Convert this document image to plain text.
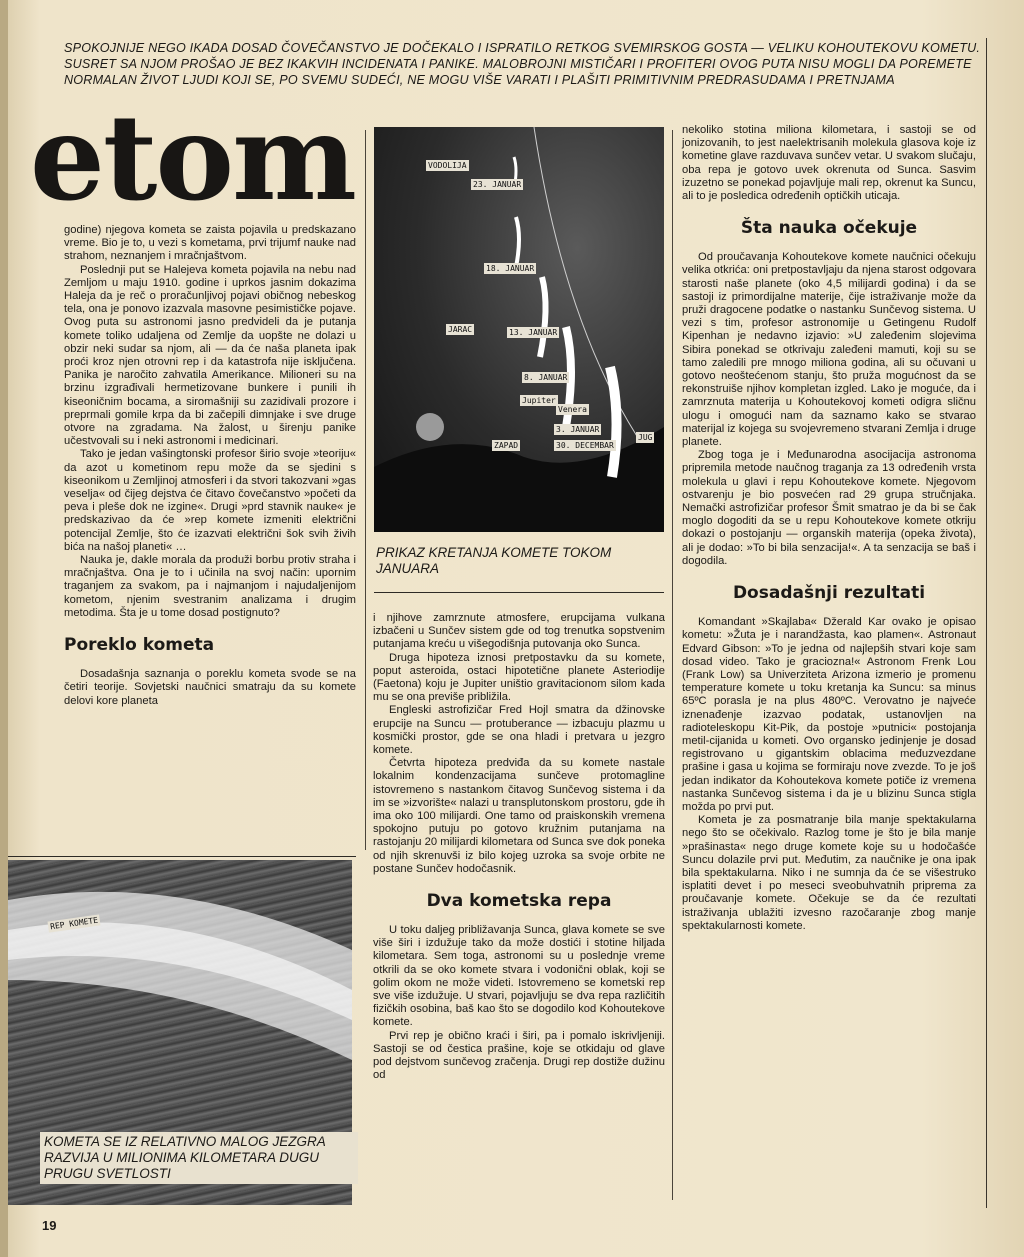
SPOKOJNIJE NEGO IKADA DOSAD ČOVEČANSTVO JE DOČEKALO I ISPRATILO RETKOG SVEMIRSKOG GOSTA — VELIKU KOHOUTEKOVU KOMETU. SUSRET SA NJOM PROŠAO JE BEZ IKAKVIH INCIDENATA I PANIKE. MALOBROJNI MISTIČARI I PROFITERI OVOG PUTA NISU MOGLI DA POREMETE NORMALAN ŽIVOT LJUDI KOJI SE, PO SVEMU SUDEĆI, NE MOGU VIŠE VARATI I PLAŠITI PRIMITIVNIM PREDRASUDAMA I PRETNJAMA
etom

godine) njegova kometa se zaista pojavila u predskazano vreme. Bio je to, u vezi s kometama, prvi trijumf nauke nad strahom, neznanjem i mračnjaštvom.

Poslednji put se Halejeva kometa pojavila na nebu nad Zemljom u maju 1910. godine i uprkos jasnim dokazima Haleja da je reč o proračunljivoj pojavi običnog nebeskog tela, ona je ponovo izazvala masovne pesimističke pojave. Ovog puta su astronomi jasno predvideli da je putanja komete toliko udaljena od Zemlje da uopšte ne dolazi u obzir neki sudar sa njom, ali — da će naša planeta ipak proći kroz njen otrovni rep i da katastrofa nije isključena. Panika je naročito zahvatila Amerikance. Milioneri su na brzinu izgrađivali hermetizovane bunkere i punili ih kiseoničnim bocama, a siromašniji su zazidivali prozore i preprmali gomile krpa da bi začepili dimnjake i sve druge otvore na zgradama. Na žalost, u širenju panike učestvovali su i neki astronomi i medicinari.

Tako je jedan vašingtonski profesor širio svoje »teoriju« da azot u kometinom repu može da se sjedini s kiseonikom u Zemljinoj atmosferi i da stvori takozvani »gas veselja« od čijeg dejstva će čitavo čovečanstvo »početi da peva i pleše dok ne izgine«. Drugi »prd stavnik nauke« je predskazivao da će »rep komete izmeniti električni potencijal Zemlje, što će izazvati električni šok svih živih bića na našoj planeti« …

Nauka je, dakle morala da produži borbu protiv straha i mračnjaštva. Ona je to i učinila na svoj način: upornim traganjem za svakom, pa i najmanjom i najudaljenijom kometom, njenim svestranim analizama i drugim metodima. Šta je u tome dosad postignuto?

Poreklo kometa

Dosadašnja saznanja o poreklu kometa svode se na četiri teorije. Sovjetski naučnici smatraju da su komete delovi kore planeta

REP KOMETE
KOMETA SE IZ RELATIVNO MALOG JEZGRA RAZVIJA U MILIONIMA KILOMETARA DUGU PRUGU SVETLOSTI
19
VODOLIJA
23. JANUAR
18. JANUAR
JARAC	13. JANUAR
8. JANUAR
Jupiter
Venera
3. JANUAR
ZAPAD	30. DECEMBAR
JUG
PRIKAZ KRETANJA KOMETE TOKOM JANUARA

i njihove zamrznute atmosfere, erupcijama vulkana izbačeni u Sunčev sistem gde od tog trenutka sopstvenim putanjama kreću u višegodišnja putovanja oko Sunca.

Druga hipoteza iznosi pretpostavku da su komete, poput asteroida, ostaci hipotetične planete Asteriodije (Faetona) koju je Jupiter uništio gravitacionom silom kada mu se ona previše približila.

Engleski astrofizičar Fred Hojl smatra da džinovske erupcije na Suncu — protuberance — izbacuju plazmu u kosmički prostor, gde se ona hladi i pretvara u jezgro komete.

Četvrta hipoteza predviđa da su komete nastale lokalnim kondenzacijama sunčeve protomagline istovremeno s nastankom čitavog Sunčevog sistema i da im se »izvorište« nalazi u transplutonskom prostoru, gde ih ima oko 100 milijardi. One tamo od praiskonskih vremena spokojno putuju po gotovo kružnim putanjama na rastojanju 20 milijardi kilometara od Sunca sve dok poneka od njih skrenuvši iz bilo kojeg uzroka sa svoje orbite ne postane Sunčev hodočasnik.

Dva kometska repa

U toku daljeg približavanja Sunca, glava komete se sve više širi i izdužuje tako da može dostići i stotine hiljada kilometara. Sem toga, astronomi su u poslednje vreme otkrili da se oko komete stvara i vodonični oblak, koji se golim okom ne može videti. Istovremeno se kometski rep sve više izdužuje. U stvari, pojavljuju se dva repa različitih fizičkih osobina, baš kao što se dogodilo kod Kohoutekove komete.

Prvi rep je obično kraći i širi, pa i pomalo iskrivljeniji. Sastoji se od čestica prašine, koje se otkidaju od glave pod dejstvom sunčevog zračenja. Drugi rep dostiže dužinu od

nekoliko stotina miliona kilometara, i sastoji se od jonizovanih, to jest naelektrisanih molekula glasova koje iz kometine glave razduvava sunčev vetar. U svakom slučaju, oba repa je gotovo uvek okrenuta od Sunca. Sasvim izuzetno se ponekad pojavljuje mali rep, okrenut ka Suncu, ali to je posledica određenih optičkih uticaja.

Šta nauka očekuje

Od proučavanja Kohoutekove komete naučnici očekuju velika otkrića: oni pretpostavljaju da njena starost odgovara starosti naše planete (oko 4,5 milijardi godina) i da se sastoji iz primordijalne materije, čije istraživanje može da pruži dragocene podatke o nastanku Sunčevog sistema. U vezi s tim, profesor astronomije u Getingenu Rudolf Kipenhan je nedavno izjavio: »U zaleđenim slojevima Sibira ponekad se otkrivaju zaleđeni mamuti, koji su se tamo zaledili pre mnogo miliona godina, ali su očuvani u gotovo neoštećenom stanju, što pruža mogućnost da se rekonstruiše njihov kompletan izgled. Lako je moguće, da i zamrznuta materija u Kohoutekovoj kometi odigra sličnu ulogu i omogući nam da saznamo kako se stvarao materijal iz kojega su svojevremeno stvarani Zemlja i druge planete.

Zbog toga je i Međunarodna asocijacija astronoma pripremila metode naučnog traganja za 13 određenih vrsta molekula u glavi i repu Kohoutekove komete. Njegovom ostvarenju je bio posvećen rad 29 grupa stručnjaka. Nemački astrofizičar profesor Šmit smatrao je da bi se čak moglo dogoditi da se u repu Kohoutekove komete otkriju dokazi o postojanju — organskih materija (opeka života), ali je dodao: »To bi bila senzacija!«. A ta senzacija se baš i dogodila.

Dosadašnji rezultati

Komandant »Skajlaba« Džerald Kar ovako je opisao kometu: »Žuta je i narandžasta, kao plamen«. Astronaut Edvard Gibson: »To je jedna od najlepših stvari koje sam dosad video. Tako je graciozna!« Astronom Frenk Lou (Frank Low) sa Univerziteta Arizona izmerio je promenu temperature komete u toku kretanja ka Suncu: sa minus 65ºC porasla je na plus 480ºC. Verovatno je najveće iznenađenje izazvao podatak, ustanovljen na radioteleskopu Kit-Pik, da postoje »putnici« postojanja metil-cijanida u kometi. Ovo organsko jedinjenje je dosad registrovano u gigantskim oblacima međuzvezdane prašine i gasa u kojima se formiraju nove zvezde. To je još jedan indikator da Kohoutekova komete potiče iz vremena nastanka Sunčevog sistema i da je u blizinu Sunca stigla možda po prvi put.

Kometa je za posmatranje bila manje spektakularna nego što se očekivalo. Razlog tome je što je bila manje »prašinasta« nego druge komete koje su u hodočašće Suncu dolazile prvi put. Međutim, za naučnike je ona ipak bila spektakularna. Niko i ne sumnja da će se višestruko isplatiti devet i po meseci sveobuhvatnih priprema za proučavanje komete. Očekuje se da će rezultati istraživanja ublažiti izvesno razočaranje zbog manje spektakularnosti komete.
